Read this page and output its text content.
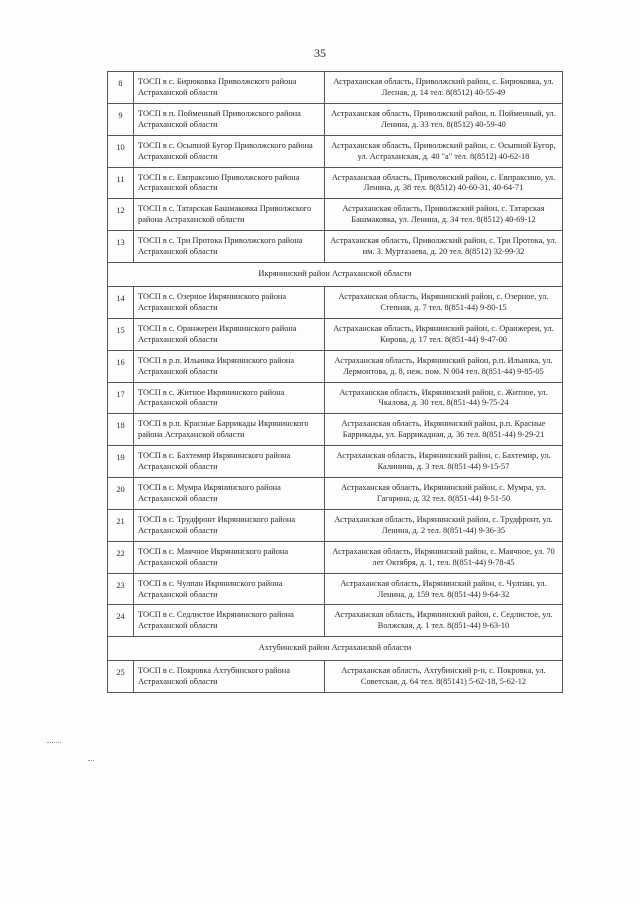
35
8	ТОСП в с. Бирюковка Приволжского района Астраханской области	Астраханская область, Приволжский район, с. Бирюковка, ул. Лесная, д. 14 тел. 8(8512) 40-55-49
9	ТОСП в п. Пойменный Приволжского района Астраханской области	Астраханская область, Приволжский район, п. Пойменный, ул. Ленина, д. 33 тел. 8(8512) 40-59-40
10	ТОСП в с. Осыпной Бугор Приволжского района Астраханской области	Астраханская область, Приволжский район, с. Осыпной Бугор, ул. Астраханская, д. 40 "а" тел. 8(8512) 40-62-18
11	ТОСП в с. Евпраксино Приволжского района Астраханской области	Астраханская область, Приволжский район, с. Евпраксино, ул. Ленина, д. 38 тел. 8(8512) 40-60-31, 40-64-71
12	ТОСП в с. Татарская Башмаковка Приволжского района Астраханской области	Астраханская область, Приволжский район, с. Татарская Башмаковка, ул. Ленина, д. 34 тел. 8(8512) 40-69-12
13	ТОСП в с. Три Протока Приволжского района Астраханской области	Астраханская область, Приволжский район, с. Три Протока, ул. им. З. Муртазаева, д. 20 тел. 8(8512) 32-99-32
Икрянинский район Астраханской области		
14	ТОСП в с. Озерное Икрянинского района Астраханской области	Астраханская область, Икрянинский район, с. Озерное, ул. Степная, д. 7 тел. 8(851-44) 9-80-15
15	ТОСП в с. Оранжереи Икрянинского района Астраханской области	Астраханская область, Икрянинский район, с. Оранжереи, ул. Кирова, д. 17 тел. 8(851-44) 9-47-00
16	ТОСП в р.п. Ильинка Икрянинского района Астраханской области	Астраханская область, Икрянинский район, р.п. Ильинка, ул. Лермонтова, д. 8, неж. пом. N 004 тел. 8(851-44) 9-85-05
17	ТОСП в с. Житное Икрянинского района Астраханской области	Астраханская область, Икрянинский район, с. Житное, ул. Чкалова, д. 30 тел. 8(851-44) 9-75-24
18	ТОСП в р.п. Красные Баррикады Икрянинского района Астраханской области	Астраханская область, Икрянинский район, р.п. Красные Баррикады, ул. Баррикадная, д. 36 тел. 8(851-44) 9-29-21
19	ТОСП в с. Бахтемир Икрянинского района Астраханской области	Астраханская область, Икрянинский район, с. Бахтемир, ул. Калинина, д. 3 тел. 8(851-44) 9-15-57
20	ТОСП в с. Мумра Икрянинского района Астраханской области	Астраханская область, Икрянинский район, с. Мумра, ул. Гагарина, д. 32 тел. 8(851-44) 9-51-50
21	ТОСП в с. Трудфронт Икрянинского района Астраханской области	Астраханская область, Икрянинский район, с. Трудфронт, ул. Ленина, д. 2 тел. 8(851-44) 9-36-35
22	ТОСП в с. Маячное Икрянинского района Астраханской области	Астраханская область, Икрянинский район, с. Маячное, ул. 70 лет Октября, д. 1, тел. 8(851-44) 9-78-45
23	ТОСП в с. Чулпан Икрянинского района Астраханской области	Астраханская область, Икрянинский район, с. Чулпан, ул. Ленина, д. 159 тел. 8(851-44) 9-64-32
24	ТОСП в с. Седлистое Икрянинского района Астраханской области	Астраханская область, Икрянинский район, с. Седлистое, ул. Волжская, д. 1 тел. 8(851-44) 9-63-10
Ахтубинский район Астраханской области		
25	ТОСП в с. Покровка Ахтубинского района Астраханской области	Астраханская область, Ахтубинский р-н, с. Покровка, ул. Советская, д. 64 тел. 8(85141) 5-62-18, 5-62-12
